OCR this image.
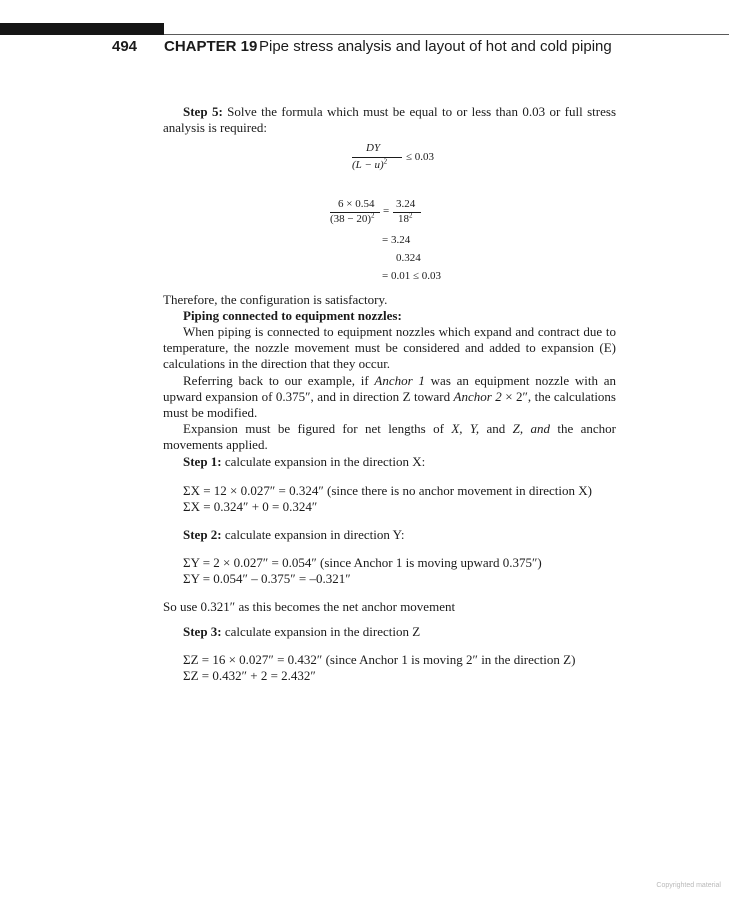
494 CHAPTER 19 Pipe stress analysis and layout of hot and cold piping
Step 5: Solve the formula which must be equal to or less than 0.03 or full stress analysis is required:
DY
$(L - u)^2 \le 0.03$
6 × 0.54
$(38 - 20)^2$ =
3.24
$18^2$
= 3.24
0.324
= 0.01 ≤ 0.03
Therefore, the configuration is satisfactory.
Piping connected to equipment nozzles:
When piping is connected to equipment nozzles which expand and contract due to temperature, the nozzle movement must be considered and added to expansion (E) calculations in the direction that they occur.
Referring back to our example, if Anchor 1 was an equipment nozzle with an upward expansion of 0.375″, and in direction Z toward Anchor 2 × 2″, the calculations must be modified.
Expansion must be figured for net lengths of X, Y, and Z, and the anchor movements applied.
Step 1: calculate expansion in the direction X:
ΣX = 12 × 0.027″ = 0.324″ (since there is no anchor movement in direction X)
ΣX = 0.324″ + 0 = 0.324″
Step 2: calculate expansion in direction Y:
ΣY = 2 × 0.027″ = 0.054″ (since Anchor 1 is moving upward 0.375″)
ΣY = 0.054″ – 0.375″ = –0.321″
So use 0.321″ as this becomes the net anchor movement
Step 3: calculate expansion in the direction Z
ΣZ = 16 × 0.027″ = 0.432″ (since Anchor 1 is moving 2″ in the direction Z)
ΣZ = 0.432″ + 2 = 2.432″
Copyrighted material
